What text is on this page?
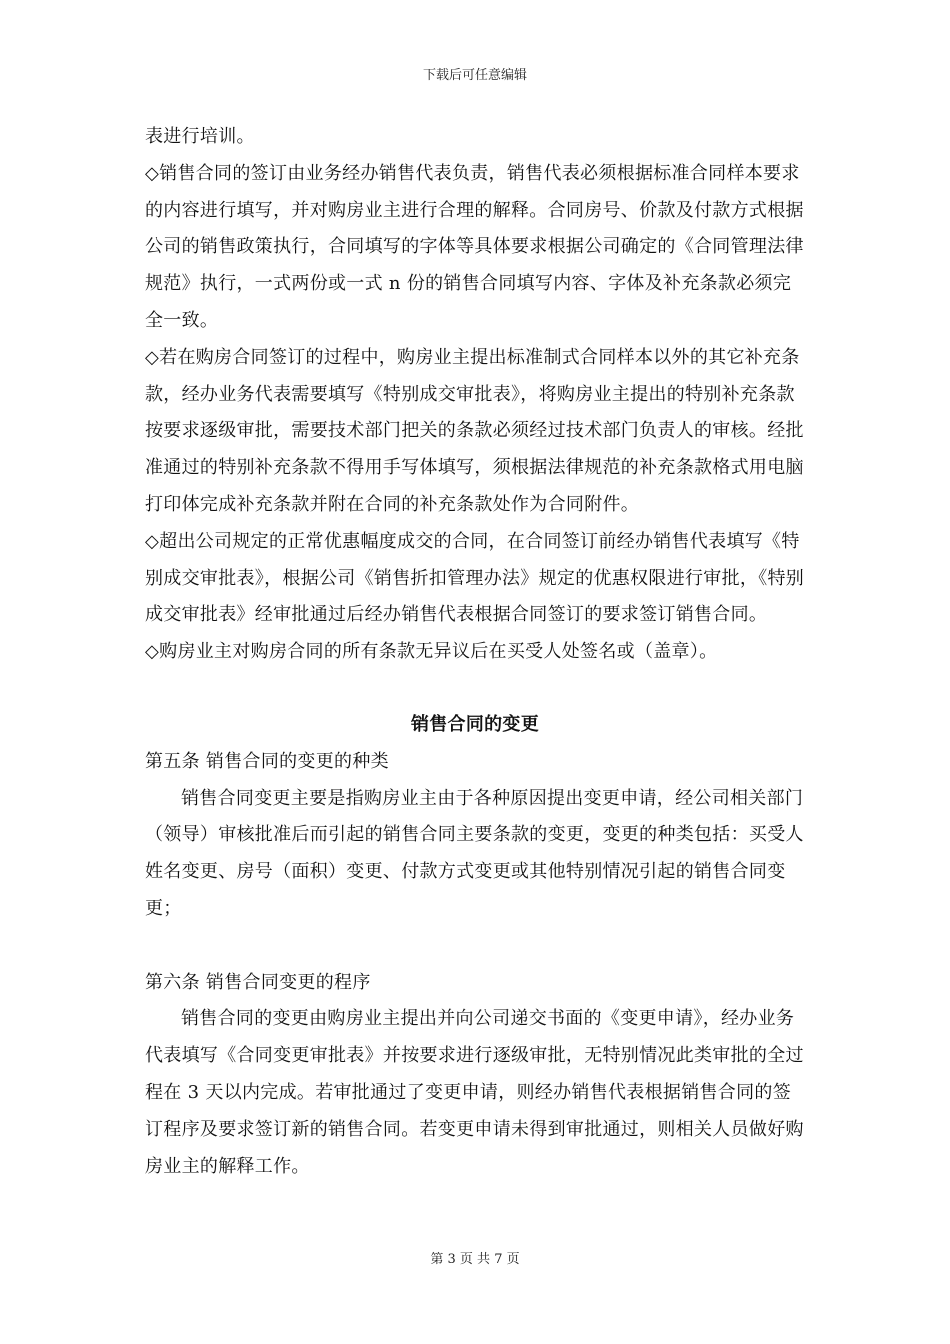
下载后可任意编辑

表进行培训。

◇销售合同的签订由业务经办销售代表负责，销售代表必须根据标准合同样本要求的内容进行填写，并对购房业主进行合理的解释。合同房号、价款及付款方式根据公司的销售政策执行，合同填写的字体等具体要求根据公司确定的《合同管理法律规范》执行，一式两份或一式 n 份的销售合同填写内容、字体及补充条款必须完全一致。

◇若在购房合同签订的过程中，购房业主提出标准制式合同样本以外的其它补充条款，经办业务代表需要填写《特别成交审批表》，将购房业主提出的特别补充条款按要求逐级审批，需要技术部门把关的条款必须经过技术部门负责人的审核。经批准通过的特别补充条款不得用手写体填写，须根据法律规范的补充条款格式用电脑打印体完成补充条款并附在合同的补充条款处作为合同附件。

◇超出公司规定的正常优惠幅度成交的合同，在合同签订前经办销售代表填写《特别成交审批表》，根据公司《销售折扣管理办法》规定的优惠权限进行审批，《特别成交审批表》经审批通过后经办销售代表根据合同签订的要求签订销售合同。

◇购房业主对购房合同的所有条款无异议后在买受人处签名或（盖章）。

销售合同的变更

第五条 销售合同的变更的种类

销售合同变更主要是指购房业主由于各种原因提出变更申请，经公司相关部门（领导）审核批准后而引起的销售合同主要条款的变更，变更的种类包括：买受人姓名变更、房号（面积）变更、付款方式变更或其他特别情况引起的销售合同变更；

第六条 销售合同变更的程序

销售合同的变更由购房业主提出并向公司递交书面的《变更申请》，经办业务代表填写《合同变更审批表》并按要求进行逐级审批，无特别情况此类审批的全过程在 3 天以内完成。若审批通过了变更申请，则经办销售代表根据销售合同的签订程序及要求签订新的销售合同。若变更申请未得到审批通过，则相关人员做好购房业主的解释工作。

第 3 页 共 7 页
